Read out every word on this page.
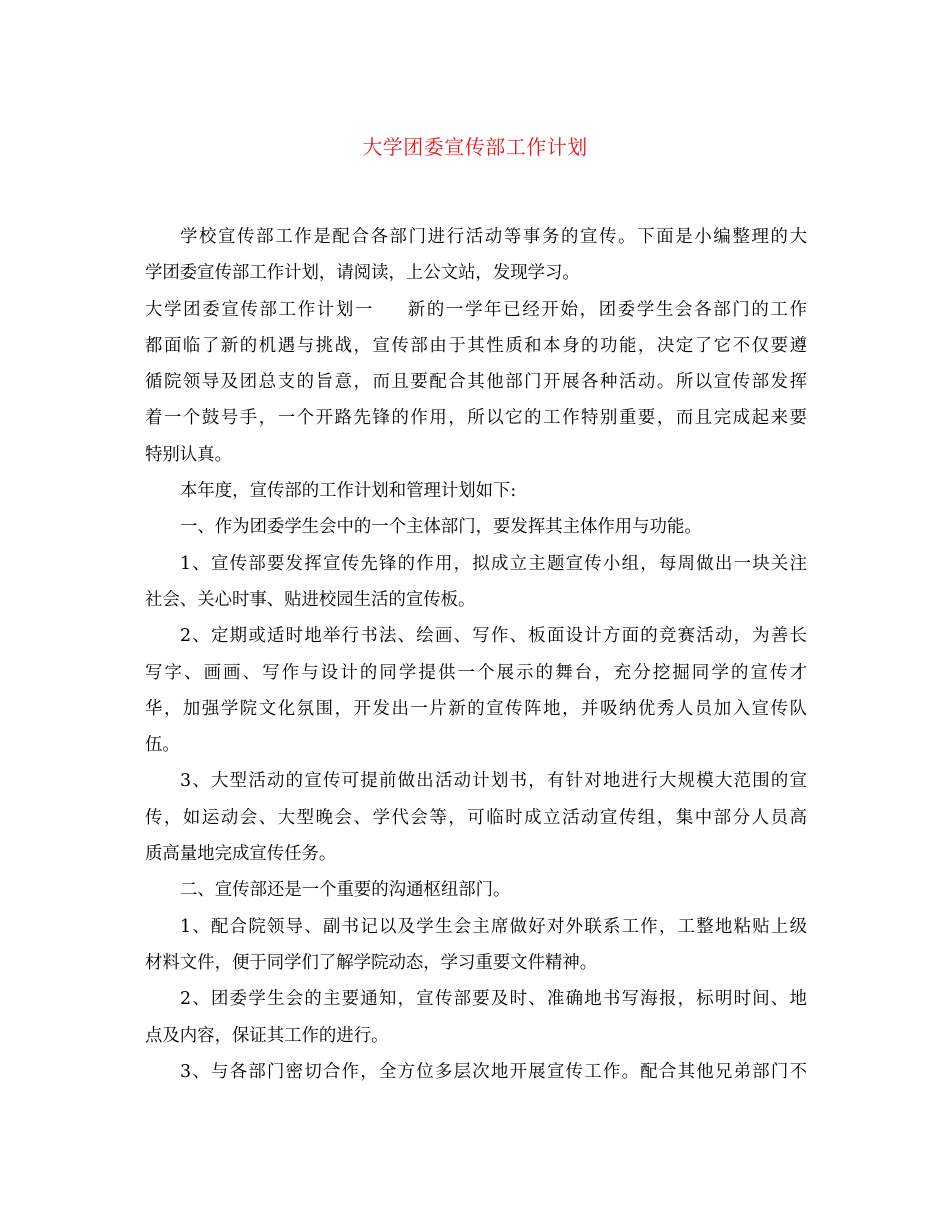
大学团委宣传部工作计划
学校宣传部工作是配合各部门进行活动等事务的宣传。下面是小编整理的大
学团委宣传部工作计划，请阅读，上公文站，发现学习。
大学团委宣传部工作计划一 新的一学年已经开始，团委学生会各部门的工作
都面临了新的机遇与挑战，宣传部由于其性质和本身的功能，决定了它不仅要遵
循院领导及团总支的旨意，而且要配合其他部门开展各种活动。所以宣传部发挥
着一个鼓号手，一个开路先锋的作用，所以它的工作特别重要，而且完成起来要
特别认真。
本年度，宣传部的工作计划和管理计划如下:
一、作为团委学生会中的一个主体部门，要发挥其主体作用与功能。
1、宣传部要发挥宣传先锋的作用，拟成立主题宣传小组，每周做出一块关注
社会、关心时事、贴进校园生活的宣传板。
2、定期或适时地举行书法、绘画、写作、板面设计方面的竞赛活动，为善长
写字、画画、写作与设计的同学提供一个展示的舞台，充分挖掘同学的宣传才
华，加强学院文化氛围，开发出一片新的宣传阵地，并吸纳优秀人员加入宣传队
伍。
3、大型活动的宣传可提前做出活动计划书，有针对地进行大规模大范围的宣
传，如运动会、大型晚会、学代会等，可临时成立活动宣传组，集中部分人员高
质高量地完成宣传任务。
二、宣传部还是一个重要的沟通枢纽部门。
1、配合院领导、副书记以及学生会主席做好对外联系工作，工整地粘贴上级
材料文件，便于同学们了解学院动态，学习重要文件精神。
2、团委学生会的主要通知，宣传部要及时、准确地书写海报，标明时间、地
点及内容，保证其工作的进行。
3、与各部门密切合作，全方位多层次地开展宣传工作。配合其他兄弟部门不
